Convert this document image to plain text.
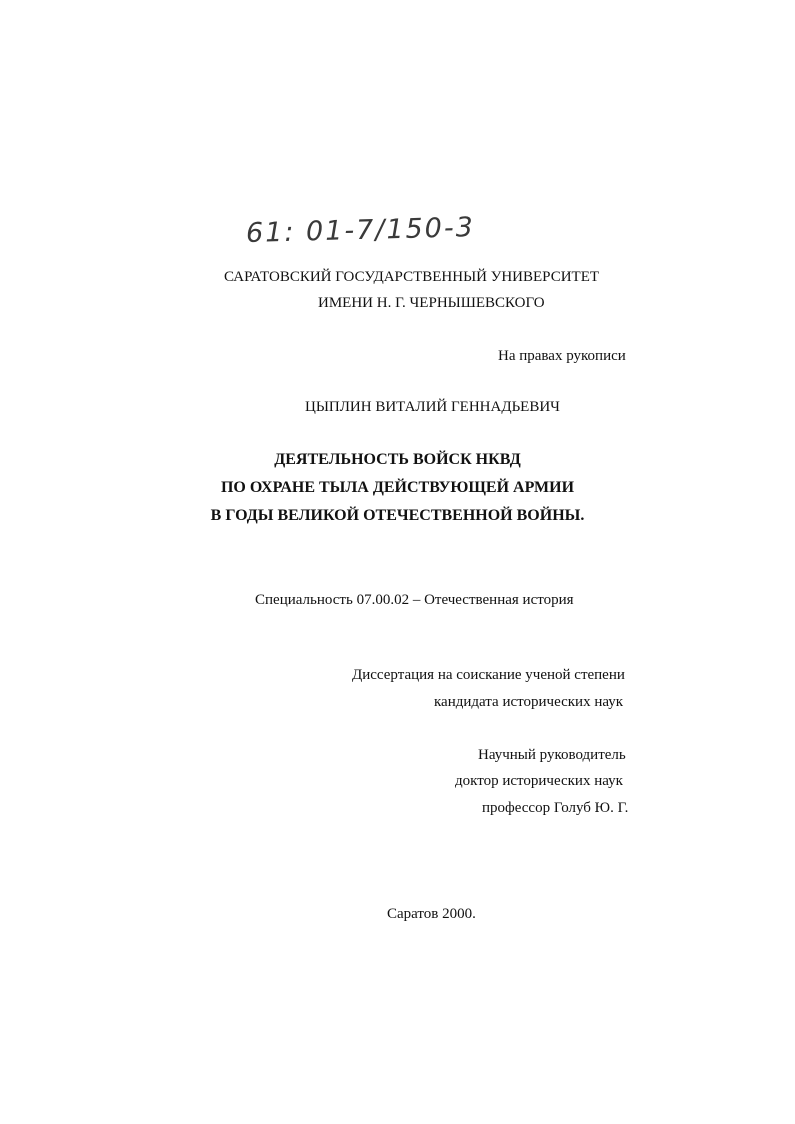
61: 01-7/150-3
САРАТОВСКИЙ ГОСУДАРСТВЕННЫЙ УНИВЕРСИТЕТ
ИМЕНИ Н. Г. ЧЕРНЫШЕВСКОГО
На правах рукописи
ЦЫПЛИН ВИТАЛИЙ ГЕННАДЬЕВИЧ
ДЕЯТЕЛЬНОСТЬ ВОЙСК НКВД
ПО ОХРАНЕ ТЫЛА ДЕЙСТВУЮЩЕЙ АРМИИ
В ГОДЫ ВЕЛИКОЙ ОТЕЧЕСТВЕННОЙ ВОЙНЫ.
Специальность 07.00.02 – Отечественная история
Диссертация на соискание ученой степени
кандидата исторических наук
Научный руководитель
доктор исторических наук
профессор Голуб Ю. Г.
Саратов 2000.
